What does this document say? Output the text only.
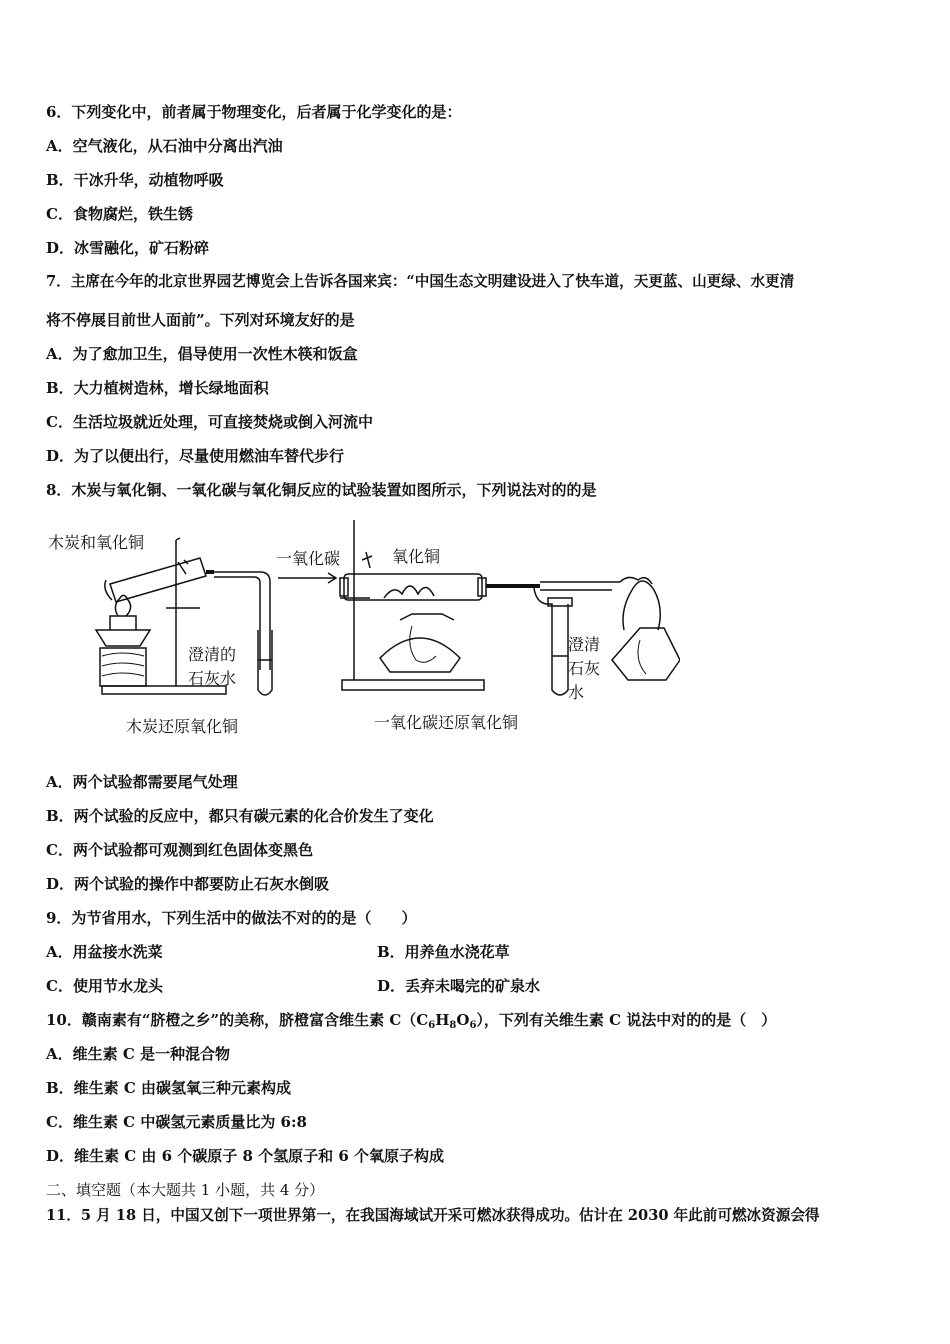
6．下列变化中，前者属于物理变化，后者属于化学变化的是：
A．空气液化，从石油中分离出汽油
B．干冰升华，动植物呼吸
C．食物腐烂，铁生锈
D．冰雪融化，矿石粉碎
7．主席在今年的北京世界园艺博览会上告诉各国来宾：“中国生态文明建设进入了快车道，天更蓝、山更绿、水更清
将不停展目前世人面前”。下列对环境友好的是
A．为了愈加卫生，倡导使用一次性木筷和饭盒
B．大力植树造林，增长绿地面积
C．生活垃圾就近处理，可直接焚烧或倒入河流中
D．为了以便出行，尽量使用燃油车替代步行
8．木炭与氧化铜、一氧化碳与氧化铜反应的试验装置如图所示，下列说法对的的是
木炭和氧化铜
澄清的
石灰水
木炭还原氧化铜
一氧化碳	氧化铜
澄清
石灰
水
一氧化碳还原氧化铜
A．两个试验都需要尾气处理
B．两个试验的反应中，都只有碳元素的化合价发生了变化
C．两个试验都可观测到红色固体变黑色
D．两个试验的操作中都要防止石灰水倒吸
9．为节省用水，下列生活中的做法不对的的是（　　）
A．用盆接水洗菜	B．用养鱼水浇花草
C．使用节水龙头	D．丢弃未喝完的矿泉水
10．赣南素有“脐橙之乡”的美称，脐橙富含维生素 $C(C_6H_8O_6)$，下列有关维生素 C 说法中对的的是（　）
A．维生素 C 是一种混合物
B．维生素 C 由碳氢氧三种元素构成
C．维生素 C 中碳氢元素质量比为 6:8
D．维生素 C 由 6 个碳原子 8 个氢原子和 6 个氧原子构成
二、填空题（本大题共 1 小题，共 4 分）
11．5 月 18 日，中国又创下一项世界第一，在我国海域试开采可燃冰获得成功。估计在 2030 年此前可燃冰资源会得
